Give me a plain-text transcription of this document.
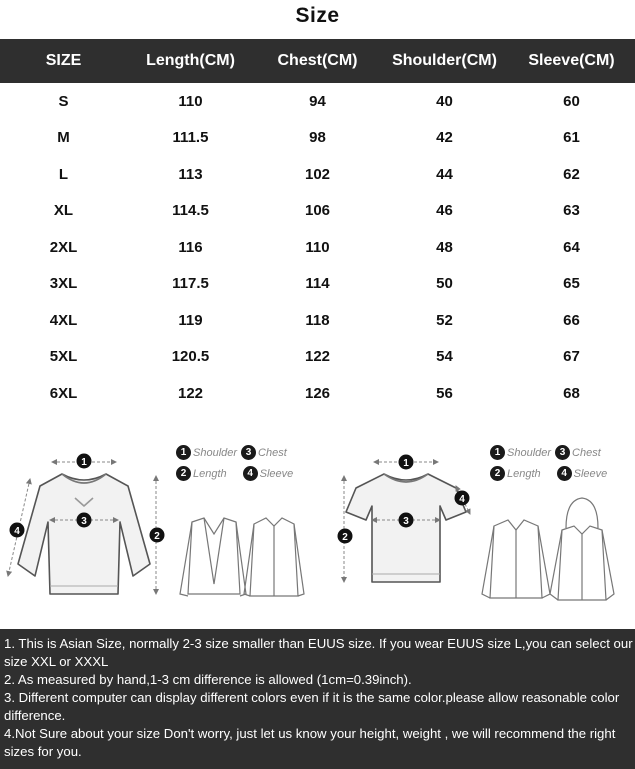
Size
SIZE	Length(CM)	Chest(CM)	Shoulder(CM)	Sleeve(CM)
S	110	94	40	60
M	111.5	98	42	61
L	113	102	44	62
XL	114.5	106	46	63
2XL	116	110	48	64
3XL	117.5	114	50	65
4XL	119	118	52	66
5XL	120.5	122	54	67
6XL	122	126	56	68
1
3
2
4
1
3
2
4
1 Shoulder 3 Chest
2 Length	4 Sleeve
1 Shoulder 3 Chest
2 Length	4 Sleeve

1. This is Asian Size, normally 2-3 size smaller than EUUS size. If you wear EUUS size L,you can select our size XXL or XXXL

2. As measured by hand,1-3 cm difference is allowed (1cm=0.39inch).

3. Different computer can display different colors even if it is the same color.please allow reasonable color difference.

4.Not Sure about your size Don't worry, just let us know your height, weight , we will recommend the right sizes for you.
